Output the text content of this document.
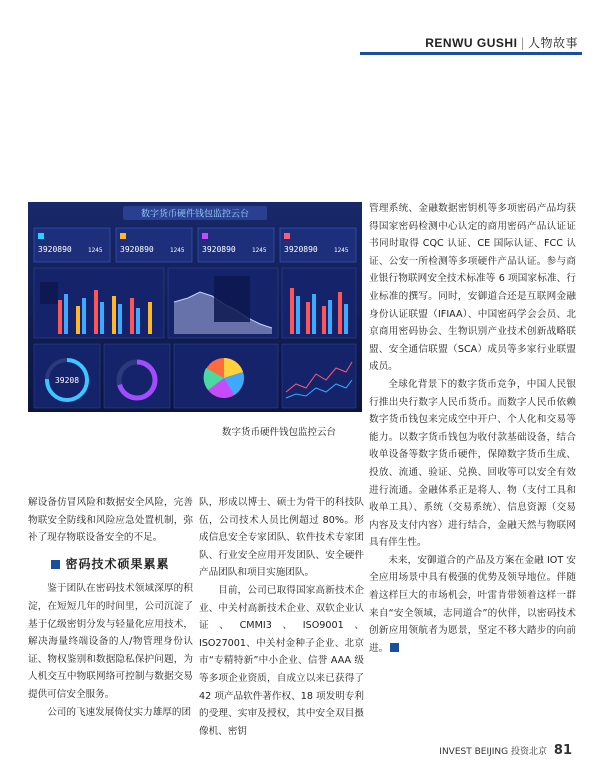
RENWU GUSHI | 人物故事
数字货币硬件钱包监控云台
3920890	3920890	3920890	3920890
1245	1245	1245	1245
39208
数字货币硬件钱包监控云台

管理系统、金融数据密钥机等多项密码产品均获得国家密码检测中心认定的商用密码产品认证证书同时取得 CQC 认证、CE 国际认证、FCC 认证、公安一所检测等多项硬件产品认证。参与商业银行物联网安全技术标准等 6 项国家标准、行业标准的撰写。同时，安御道合还是互联网金融身份认证联盟（IFIAA）、中国密码学会会员、北京商用密码协会、生物识别产业技术创新战略联盟、安全通信联盟（SCA）成员等多家行业联盟成员。

全球化背景下的数字货币竞争，中国人民银行推出央行数字人民币货币。而数字人民币依赖数字货币钱包来完成空中开户、个人化和交易等能力。以数字货币钱包为收付款基础设备，结合收单设备等数字货币硬件，保障数字货币生成、投放、流通、验证、兑换、回收等可以安全有效进行流通。金融体系正是将人、物（支付工具和收单工具）、系统（交易系统）、信息资源（交易内容及支付内容）进行结合，金融天然与物联网具有伴生性。

未来，安御道合的产品及方案在金融 IOT 安全应用场景中具有极强的优势及领导地位。伴随着这样巨大的市场机会，叶雷肯带领着这样一群来自“安全领域，志同道合”的伙伴，以密码技术创新应用领航者为愿景，坚定不移大踏步的向前进。	英

解设备仿冒风险和数据安全风险，完善物联安全防线和风险应急处置机制，弥补了现存物联设备安全的不足。

密码技术硕果累累

鉴于团队在密码技术领域深厚的积淀，在短短几年的时间里，公司沉淀了基于亿级密钥分发与轻量化应用技术，解决海量终端设备的人/物管理身份认证、物权鉴别和数据隐私保护问题，为人机交互中物联网络可控制与数据交易提供可信安全服务。

公司的飞速发展倚仗实力雄厚的团

队，形成以博士、硕士为骨干的科技队伍，公司技术人员比例超过 80%。形成信息安全专家团队、软件技术专家团队、行业安全应用开发团队、安全硬件产品团队和项目实施团队。

目前，公司已取得国家高新技术企业、中关村高新技术企业、双软企业认证、CMMI3、ISO9001、ISO27001、中关村金种子企业、北京市“专精特新”中小企业、信誉 AAA 级等多项企业资质，自成立以来已获得了 42 项产品软件著作权、18 项发明专利的受理、实审及授权，其中安全双目摄像机、密钥

INVEST BEIJING 投资北京 81
